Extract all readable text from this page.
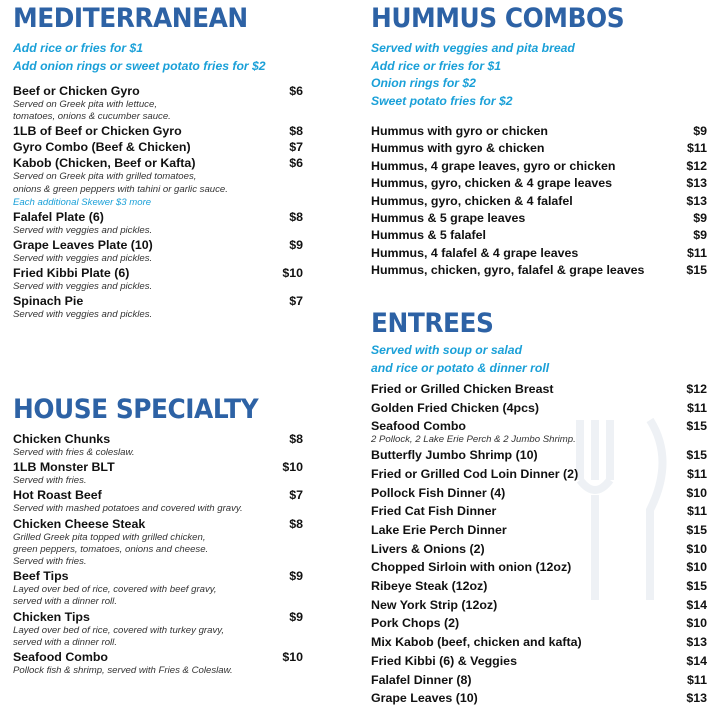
MEDITERRANEAN
Add rice or fries for $1
Add onion rings or sweet potato fries for $2
Beef or Chicken Gyro	$6
Served on Greek pita with lettuce,
tomatoes, onions & cucumber sauce.
1LB of Beef or Chicken Gyro	$8
Gyro Combo (Beef & Chicken)	$7
Kabob (Chicken, Beef or Kafta)	$6
Served on Greek pita with grilled tomatoes,
onions & green peppers with tahini or garlic sauce.
Each additional Skewer $3 more
Falafel Plate (6)	$8
Served with veggies and pickles.
Grape Leaves Plate (10)	$9
Served with veggies and pickles.
Fried Kibbi Plate (6)	$10
Served with veggies and pickles.
Spinach Pie	$7
Served with veggies and pickles.
HOUSE SPECIALTY
Chicken Chunks	$8
Served with fries & coleslaw.
1LB Monster BLT	$10
Served with fries.
Hot Roast Beef	$7
Served with mashed potatoes and covered with gravy.
Chicken Cheese Steak	$8
Grilled Greek pita topped with grilled chicken,
green peppers, tomatoes, onions and cheese.
Served with fries.
Beef Tips	$9
Layed over bed of rice, covered with beef gravy,
served with a dinner roll.
Chicken Tips	$9
Layed over bed of rice, covered with turkey gravy,
served with a dinner roll.
Seafood Combo	$10
Pollock fish & shrimp, served with Fries & Coleslaw.
HUMMUS COMBOS
Served with veggies and pita bread
Add rice or fries for $1
Onion rings for $2
Sweet potato fries for $2
Hummus with gyro or chicken	$9
Hummus with gyro & chicken	$11
Hummus, 4 grape leaves, gyro or chicken	$12
Hummus, gyro, chicken & 4 grape leaves	$13
Hummus, gyro, chicken & 4 falafel	$13
Hummus & 5 grape leaves	$9
Hummus & 5 falafel	$9
Hummus, 4 falafel & 4 grape leaves	$11
Hummus, chicken, gyro, falafel & grape leaves	$15
ENTREES
Served with soup or salad
and rice or potato & dinner roll
Fried or Grilled Chicken Breast	$12
Golden Fried Chicken (4pcs)	$11
Seafood Combo	$15
2 Pollock, 2 Lake Erie Perch & 2 Jumbo Shrimp.
Butterfly Jumbo Shrimp (10)	$15
Fried or Grilled Cod Loin Dinner (2)	$11
Pollock Fish Dinner (4)	$10
Fried Cat Fish Dinner	$11
Lake Erie Perch Dinner	$15
Livers & Onions (2)	$10
Chopped Sirloin with onion (12oz)	$10
Ribeye Steak (12oz)	$15
New York Strip (12oz)	$14
Pork Chops (2)	$10
Mix Kabob (beef, chicken and kafta)	$13
Fried Kibbi (6) & Veggies	$14
Falafel Dinner (8)	$11
Grape Leaves (10)	$13
